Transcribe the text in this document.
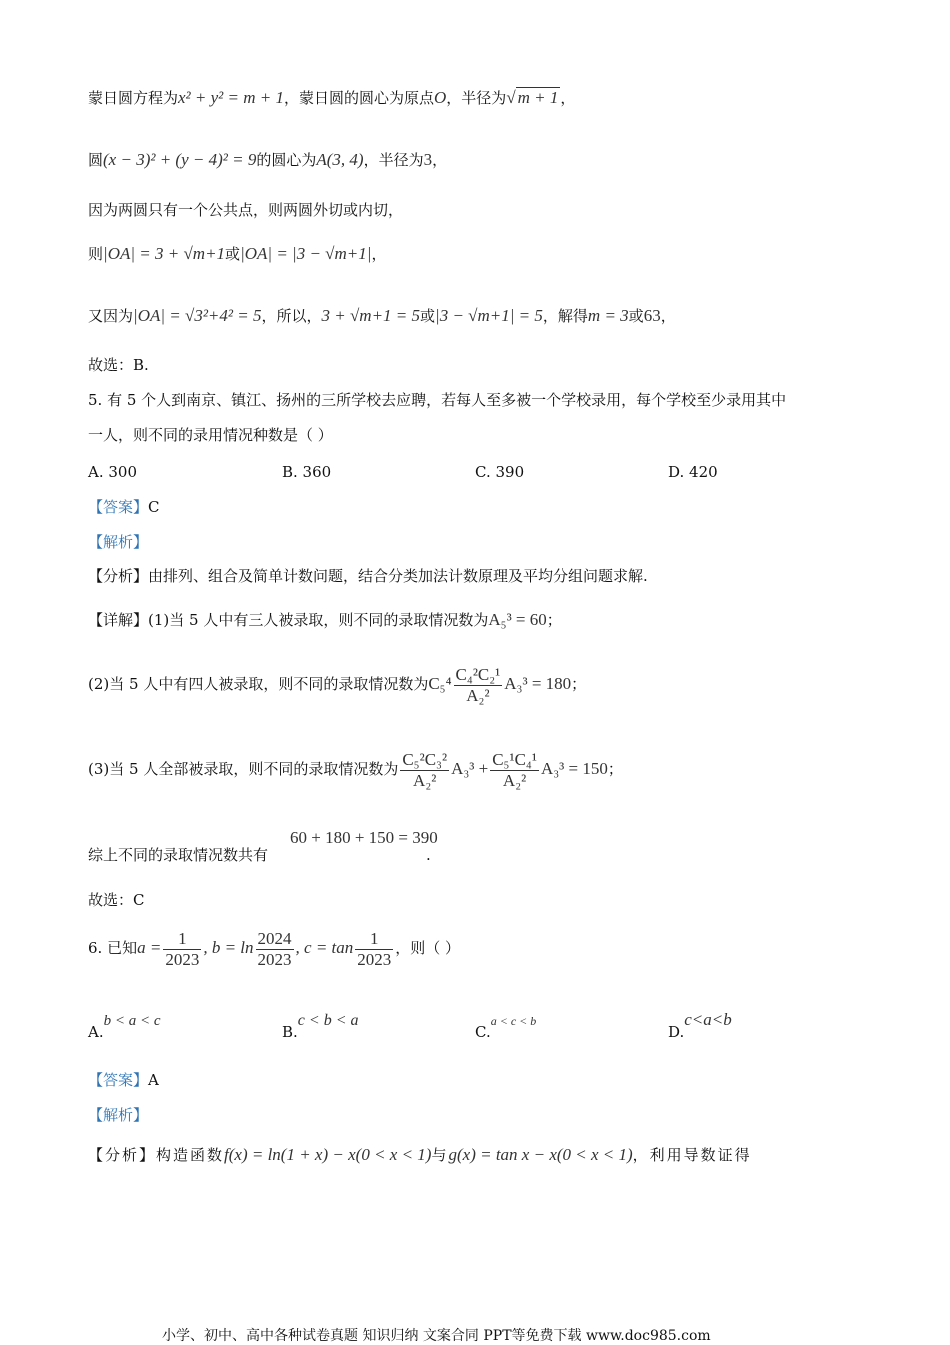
蒙日圆方程为x² + y² = m + 1，蒙日圆的圆心为原点O，半径为√ m + 1 ，
圆(x − 3)² + (y − 4)² = 9的圆心为A(3, 4)，半径为3，
因为两圆只有一个公共点，则两圆外切或内切，
则|OA| = 3 + √m+1或|OA| = |3 − √m+1|，
又因为|OA| = √3²+4² = 5，所以，3 + √m+1 = 5或|3 − √m+1| = 5，解得m = 3或63，
故选：B.
5. 有 5 个人到南京、镇江、扬州的三所学校去应聘，若每人至多被一个学校录用，每个学校至少录用其中
一人，则不同的录用情况种数是（ ）
A. 300	B. 360	C. 390	D. 420
【答案】C
【解析】
【分析】由排列、组合及简单计数问题，结合分类加法计数原理及平均分组问题求解.
【详解】(1)当 5 人中有三人被录取，则不同的录取情况数为A₅³ = 60；
(2)当 5 人中有四人被录取，则不同的录取情况数为$C_5^4 \frac{\text{C₄²C₂¹}}{\text{A₂²}} A_3^3 = 180$；
(3)当 5 人全部被录取，则不同的录取情况数为 $\frac{\text{C₅²C₃²}}{\text{A₂²}} A_3^3 + \frac{\text{C₅¹C₄¹}}{\text{A₂²}} A_3^3 = 150$；
60 + 180 + 150 = 390
综上不同的录取情况数共有	.
故选：C
6. 已知$a = \frac{1}{2023}$ , $b = \ln \frac{2024}{2023}$ , $c = \tan \frac{1}{2023}$ ，则（ ）
A.b < a < c
B.c < b < a
C.$^{a < c < b}$
D.c<a<b
【答案】A
【解析】
【分析】构造函数f(x) = ln(1 + x) − x(0 < x < 1)与g(x) = tan x − x(0 < x < 1)，利用导数证得
小学、初中、高中各种试卷真题 知识归纳 文案合同 PPT等免费下载 www.doc985.com
